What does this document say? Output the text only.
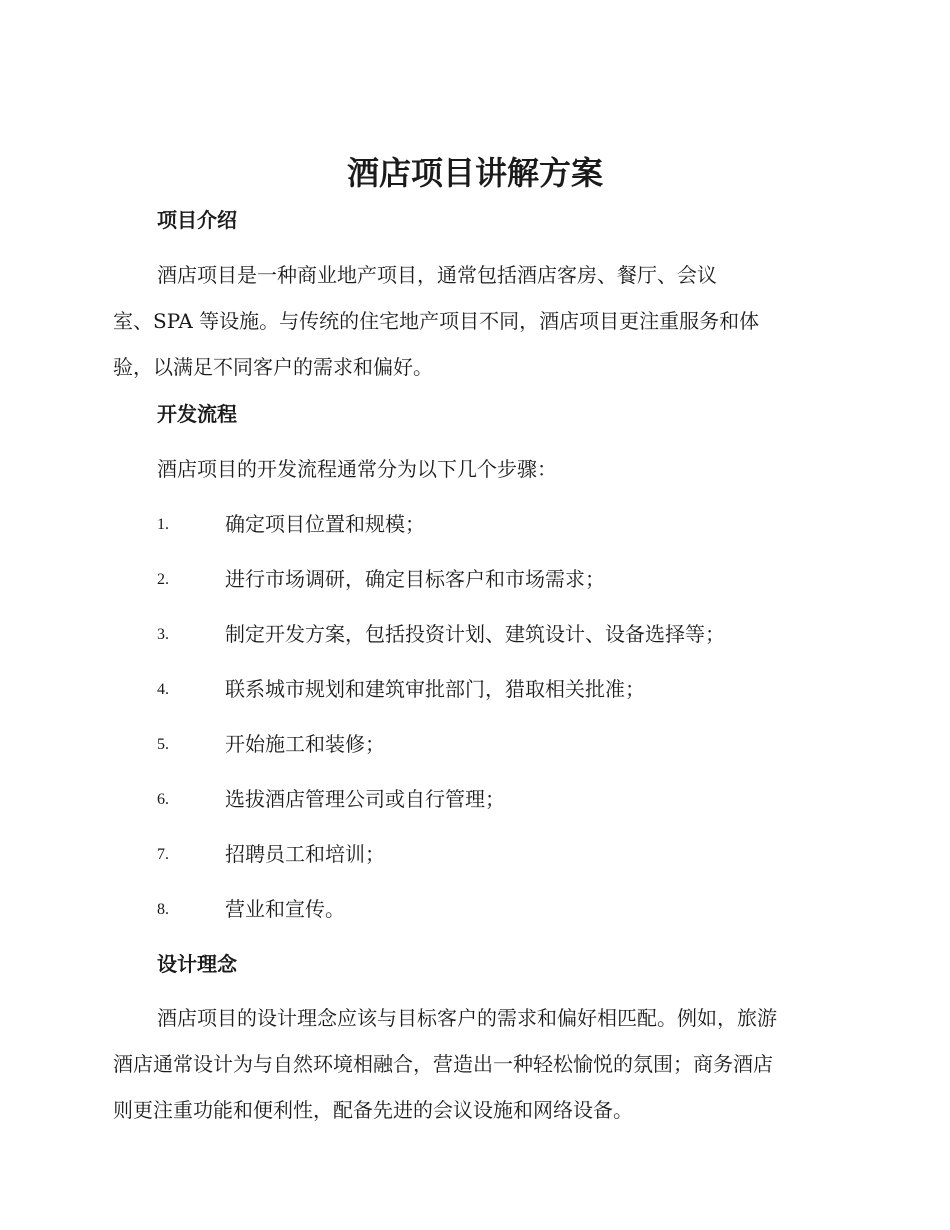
酒店项目讲解方案
项目介绍

酒店项目是一种商业地产项目，通常包括酒店客房、餐厅、会议
室、SPA 等设施。与传统的住宅地产项目不同，酒店项目更注重服务和体
验，以满足不同客户的需求和偏好。

开发流程

酒店项目的开发流程通常分为以下几个步骤：

1.	确定项目位置和规模；
2.	进行市场调研，确定目标客户和市场需求；
3.	制定开发方案，包括投资计划、建筑设计、设备选择等；
4.	联系城市规划和建筑审批部门，猎取相关批准；
5.	开始施工和装修；
6.	选拔酒店管理公司或自行管理；
7.	招聘员工和培训；
8.	营业和宣传。
设计理念

酒店项目的设计理念应该与目标客户的需求和偏好相匹配。例如，旅游
酒店通常设计为与自然环境相融合，营造出一种轻松愉悦的氛围；商务酒店
则更注重功能和便利性，配备先进的会议设施和网络设备。
